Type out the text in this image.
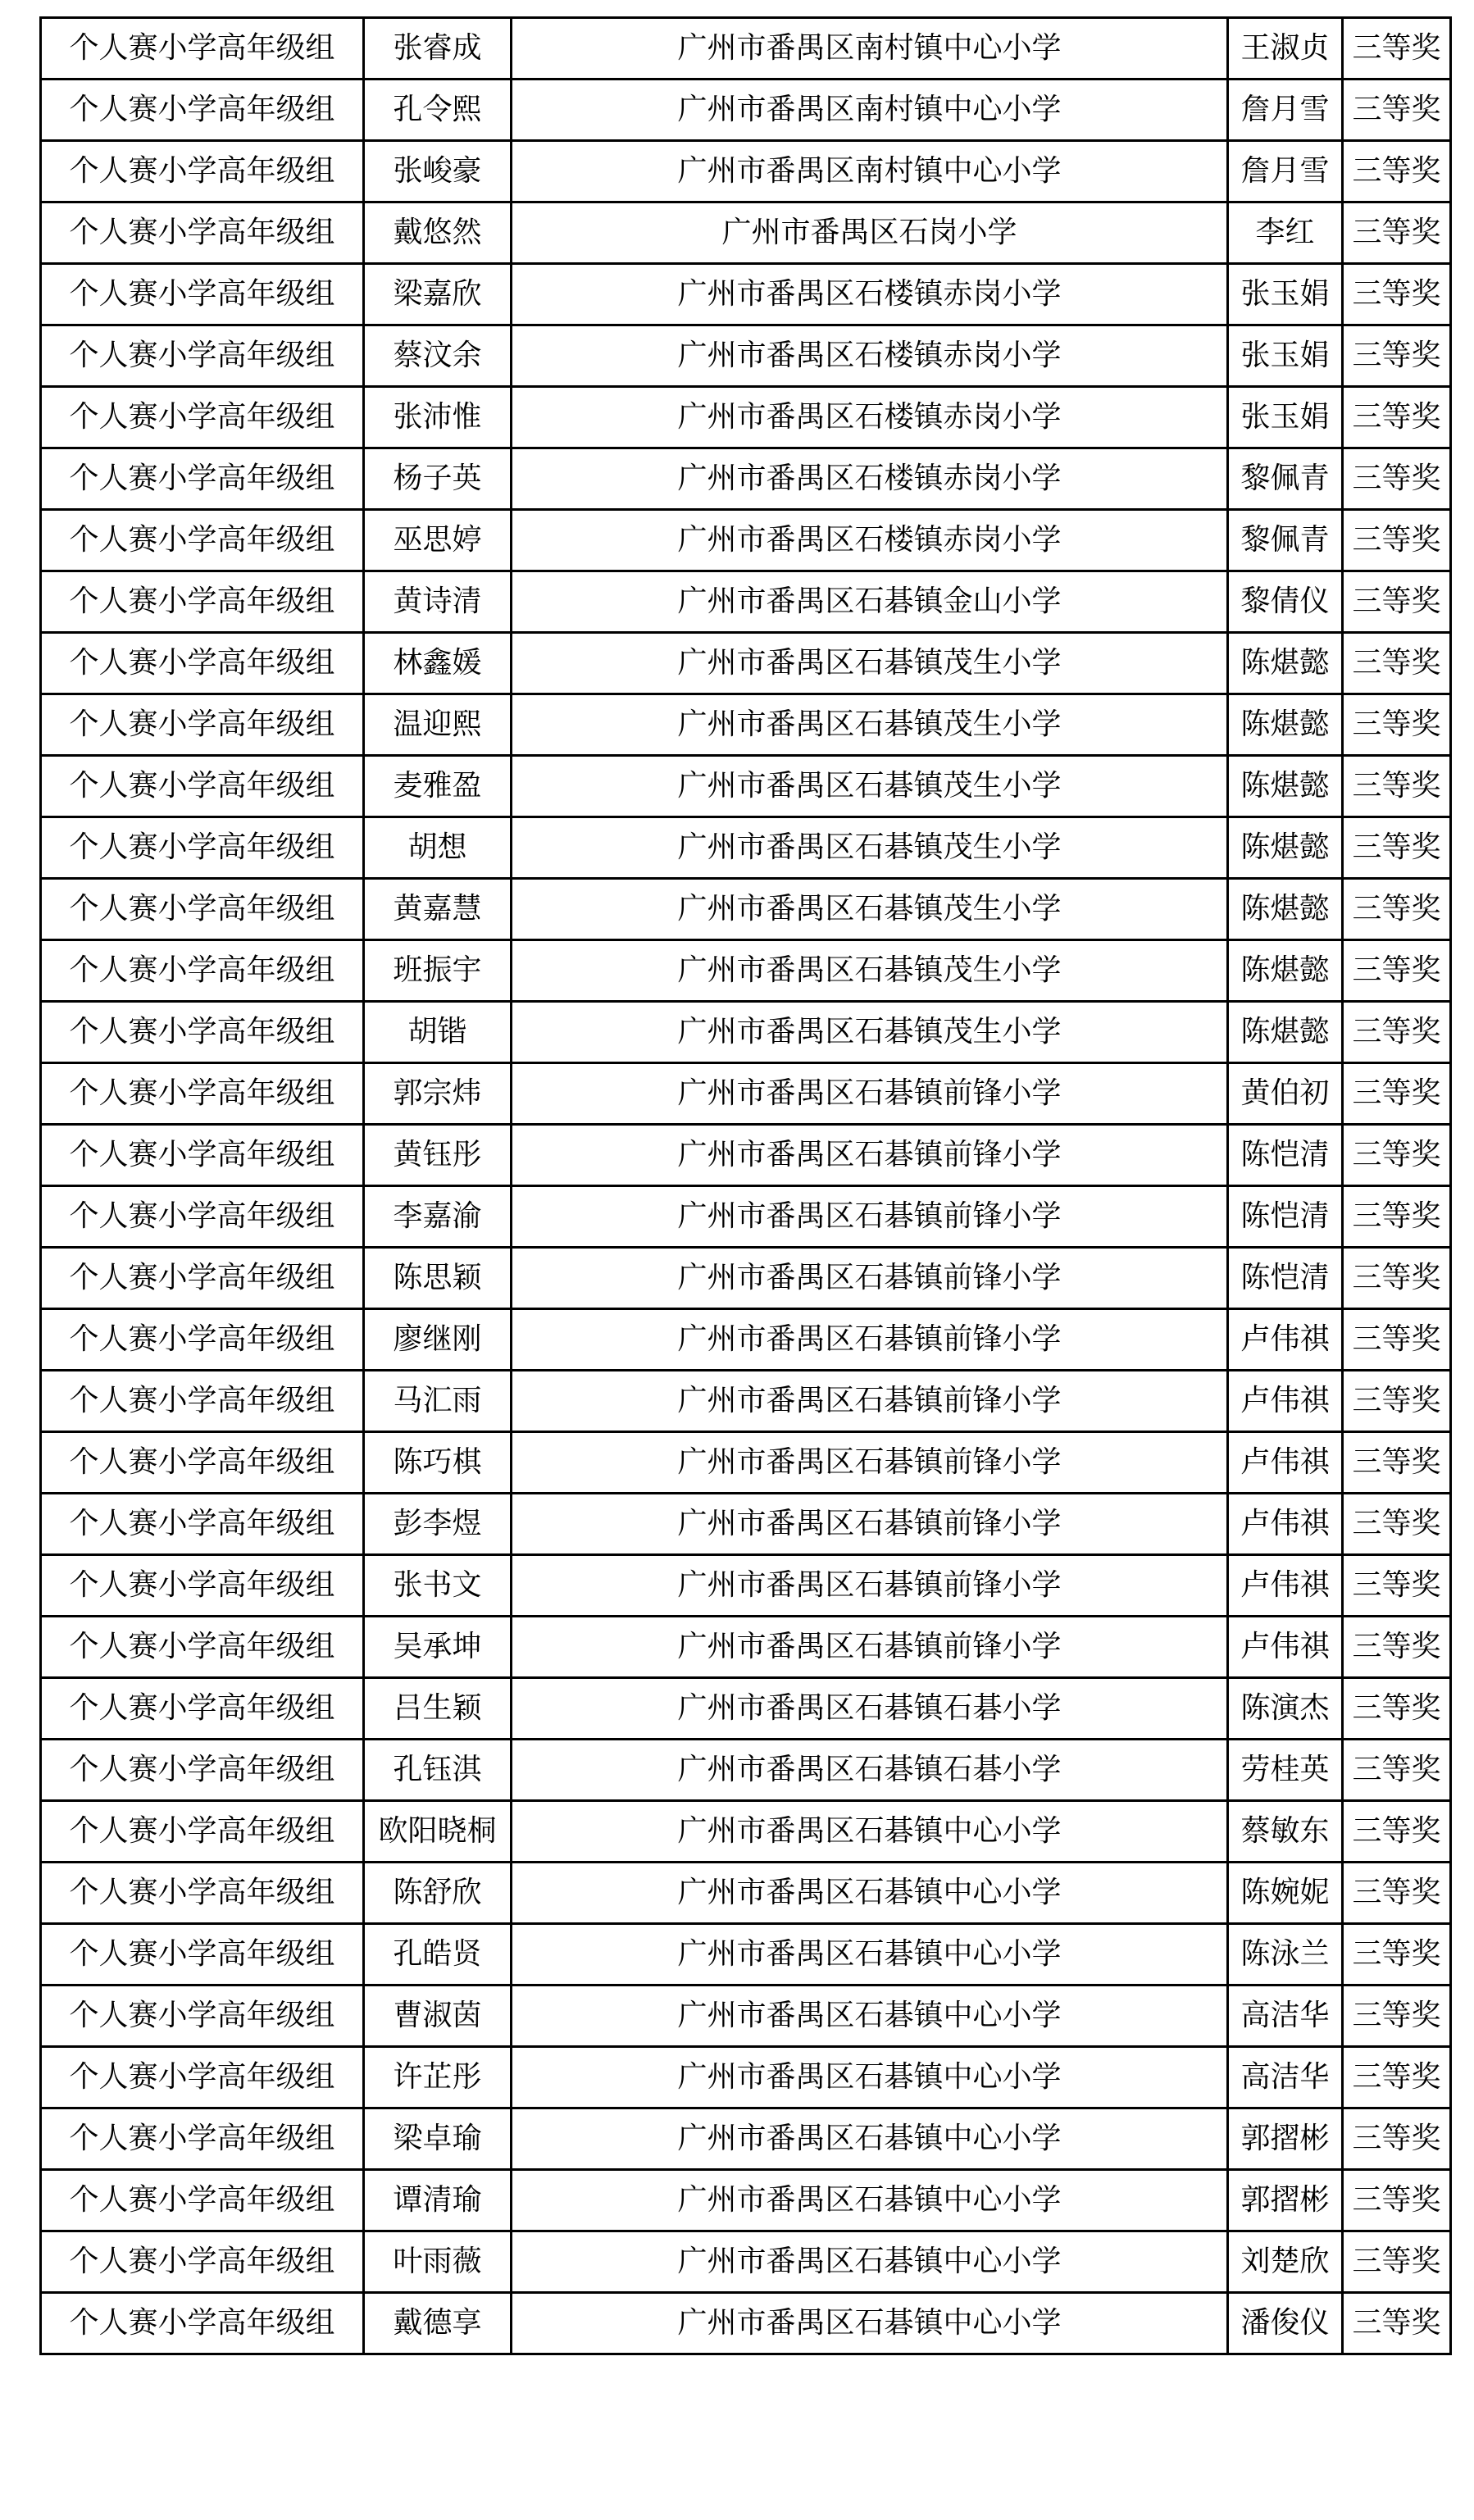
个人赛小学高年级组	张睿成	广州市番禺区南村镇中心小学	王淑贞	三等奖
个人赛小学高年级组	孔令熙	广州市番禺区南村镇中心小学	詹月雪	三等奖
个人赛小学高年级组	张峻豪	广州市番禺区南村镇中心小学	詹月雪	三等奖
个人赛小学高年级组	戴悠然	广州市番禺区石岗小学	李红	三等奖
个人赛小学高年级组	梁嘉欣	广州市番禺区石楼镇赤岗小学	张玉娟	三等奖
个人赛小学高年级组	蔡汶余	广州市番禺区石楼镇赤岗小学	张玉娟	三等奖
个人赛小学高年级组	张沛惟	广州市番禺区石楼镇赤岗小学	张玉娟	三等奖
个人赛小学高年级组	杨子英	广州市番禺区石楼镇赤岗小学	黎佩青	三等奖
个人赛小学高年级组	巫思婷	广州市番禺区石楼镇赤岗小学	黎佩青	三等奖
个人赛小学高年级组	黄诗清	广州市番禺区石碁镇金山小学	黎倩仪	三等奖
个人赛小学高年级组	林鑫媛	广州市番禺区石碁镇茂生小学	陈煁懿	三等奖
个人赛小学高年级组	温迎熙	广州市番禺区石碁镇茂生小学	陈煁懿	三等奖
个人赛小学高年级组	麦雅盈	广州市番禺区石碁镇茂生小学	陈煁懿	三等奖
个人赛小学高年级组	胡想	广州市番禺区石碁镇茂生小学	陈煁懿	三等奖
个人赛小学高年级组	黄嘉慧	广州市番禺区石碁镇茂生小学	陈煁懿	三等奖
个人赛小学高年级组	班振宇	广州市番禺区石碁镇茂生小学	陈煁懿	三等奖
个人赛小学高年级组	胡锴	广州市番禺区石碁镇茂生小学	陈煁懿	三等奖
个人赛小学高年级组	郭宗炜	广州市番禺区石碁镇前锋小学	黄伯初	三等奖
个人赛小学高年级组	黄钰彤	广州市番禺区石碁镇前锋小学	陈恺清	三等奖
个人赛小学高年级组	李嘉渝	广州市番禺区石碁镇前锋小学	陈恺清	三等奖
个人赛小学高年级组	陈思颖	广州市番禺区石碁镇前锋小学	陈恺清	三等奖
个人赛小学高年级组	廖继刚	广州市番禺区石碁镇前锋小学	卢伟祺	三等奖
个人赛小学高年级组	马汇雨	广州市番禺区石碁镇前锋小学	卢伟祺	三等奖
个人赛小学高年级组	陈巧棋	广州市番禺区石碁镇前锋小学	卢伟祺	三等奖
个人赛小学高年级组	彭李煜	广州市番禺区石碁镇前锋小学	卢伟祺	三等奖
个人赛小学高年级组	张书文	广州市番禺区石碁镇前锋小学	卢伟祺	三等奖
个人赛小学高年级组	吴承坤	广州市番禺区石碁镇前锋小学	卢伟祺	三等奖
个人赛小学高年级组	吕生颖	广州市番禺区石碁镇石碁小学	陈演杰	三等奖
个人赛小学高年级组	孔钰淇	广州市番禺区石碁镇石碁小学	劳桂英	三等奖
个人赛小学高年级组	欧阳晓桐	广州市番禺区石碁镇中心小学	蔡敏东	三等奖
个人赛小学高年级组	陈舒欣	广州市番禺区石碁镇中心小学	陈婉妮	三等奖
个人赛小学高年级组	孔皓贤	广州市番禺区石碁镇中心小学	陈泳兰	三等奖
个人赛小学高年级组	曹淑茵	广州市番禺区石碁镇中心小学	高洁华	三等奖
个人赛小学高年级组	许芷彤	广州市番禺区石碁镇中心小学	高洁华	三等奖
个人赛小学高年级组	梁卓瑜	广州市番禺区石碁镇中心小学	郭摺彬	三等奖
个人赛小学高年级组	谭清瑜	广州市番禺区石碁镇中心小学	郭摺彬	三等奖
个人赛小学高年级组	叶雨薇	广州市番禺区石碁镇中心小学	刘楚欣	三等奖
个人赛小学高年级组	戴德享	广州市番禺区石碁镇中心小学	潘俊仪	三等奖
